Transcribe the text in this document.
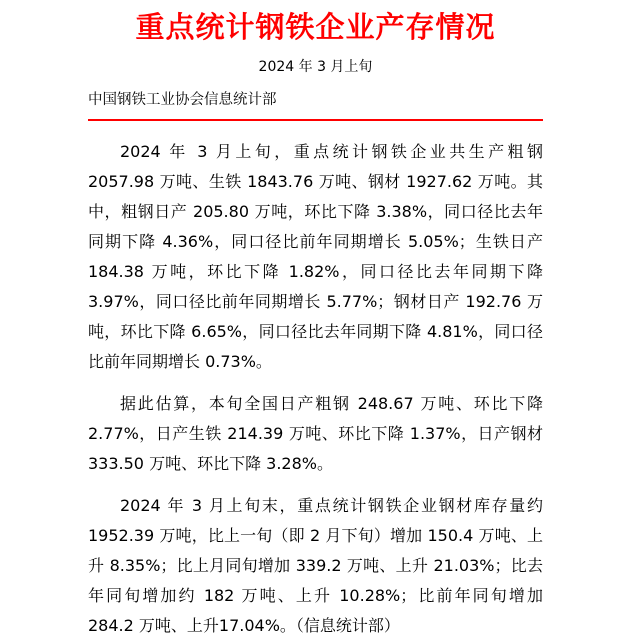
重点统计钢铁企业产存情况
2024 年 3 月上旬
中国钢铁工业协会信息统计部

2024 年 3 月上旬，重点统计钢铁企业共生产粗钢 2057.98 万吨、生铁 1843.76 万吨、钢材 1927.62 万吨。其中，粗钢日产 205.80 万吨，环比下降 3.38%，同口径比去年同期下降 4.36%，同口径比前年同期增长 5.05%；生铁日产 184.38 万吨，环比下降 1.82%，同口径比去年同期下降 3.97%，同口径比前年同期增长 5.77%；钢材日产 192.76 万吨，环比下降 6.65%，同口径比去年同期下降 4.81%，同口径比前年同期增长 0.73%。

据此估算，本旬全国日产粗钢 248.67 万吨、环比下降 2.77%，日产生铁 214.39 万吨、环比下降 1.37%，日产钢材 333.50 万吨、环比下降 3.28%。

2024 年 3 月上旬末，重点统计钢铁企业钢材库存量约 1952.39 万吨，比上一旬（即 2 月下旬）增加 150.4 万吨、上升 8.35%；比上月同旬增加 339.2 万吨、上升 21.03%；比去年同旬增加约 182 万吨、上升 10.28%；比前年同旬增加 284.2 万吨、上升17.04%。（信息统计部）
